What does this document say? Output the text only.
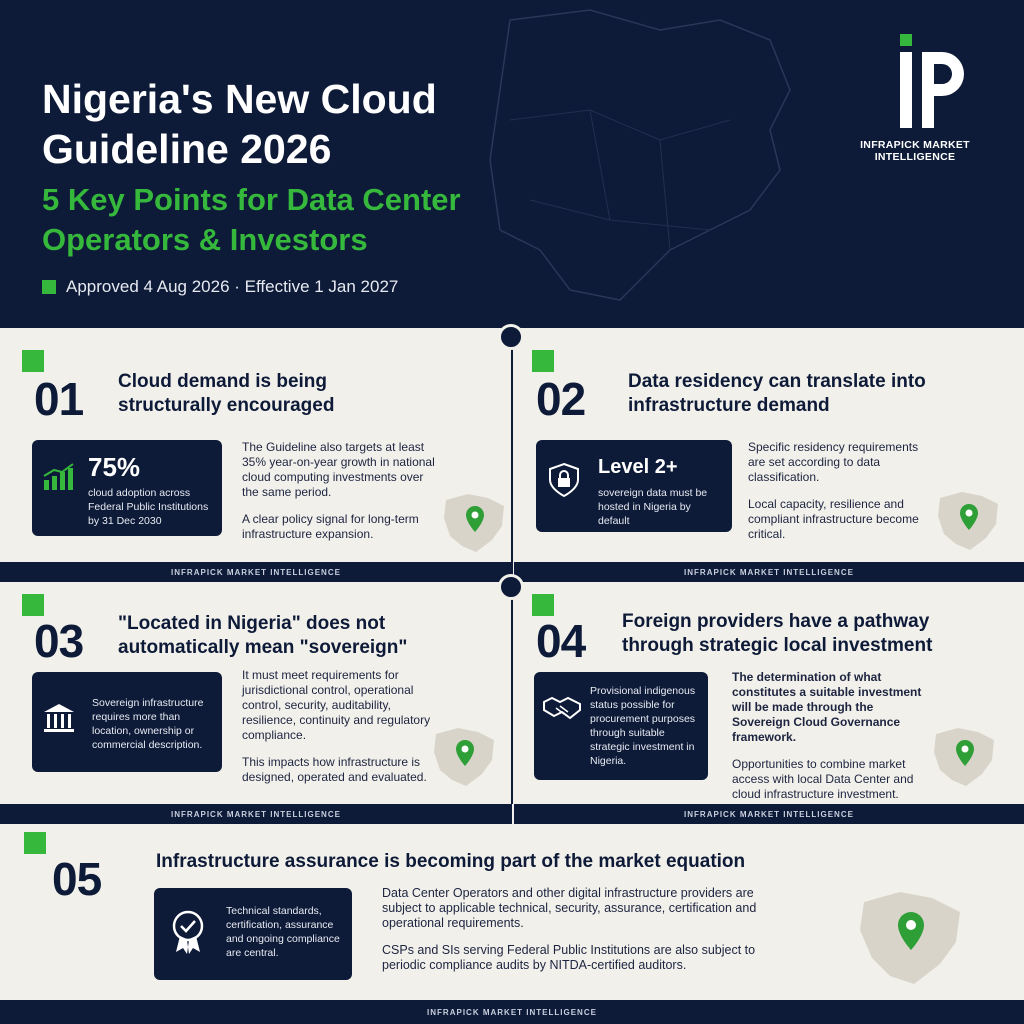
Nigeria's New Cloud Guideline 2026
5 Key Points for Data Center Operators & Investors
Approved 4 Aug 2026 · Effective 1 Jan 2027
INFRAPICK MARKET INTELLIGENCE
01 Cloud demand is being structurally encouraged
75%
cloud adoption across Federal Public Institutions by 31 Dec 2030

The Guideline also targets at least 35% year-on-year growth in national cloud computing investments over the same period.

A clear policy signal for long-term infrastructure expansion.

02 Data residency can translate into infrastructure demand
Level 2+
sovereign data must be hosted in Nigeria by default

Specific residency requirements are set according to data classification.

Local capacity, resilience and compliant infrastructure become critical.

INFRAPICK MARKET INTELLIGENCE	INFRAPICK MARKET INTELLIGENCE
03 "Located in Nigeria" does not automatically mean "sovereign"
Sovereign infrastructure requires more than location, ownership or commercial description.

It must meet requirements for jurisdictional control, operational control, security, auditability, resilience, continuity and regulatory compliance.

This impacts how infrastructure is designed, operated and evaluated.

04 Foreign providers have a pathway through strategic local investment
Provisional indigenous status possible for procurement purposes through suitable strategic investment in Nigeria.

The determination of what constitutes a suitable investment will be made through the Sovereign Cloud Governance framework.

Opportunities to combine market access with local Data Center and cloud infrastructure investment.

INFRAPICK MARKET INTELLIGENCE	INFRAPICK MARKET INTELLIGENCE
05	Infrastructure assurance is becoming part of the market equation
Technical standards, certification, assurance and ongoing compliance are central.

Data Center Operators and other digital infrastructure providers are subject to applicable technical, security, assurance, certification and operational requirements.

CSPs and SIs serving Federal Public Institutions are also subject to periodic compliance audits by NITDA-certified auditors.

INFRAPICK MARKET INTELLIGENCE
